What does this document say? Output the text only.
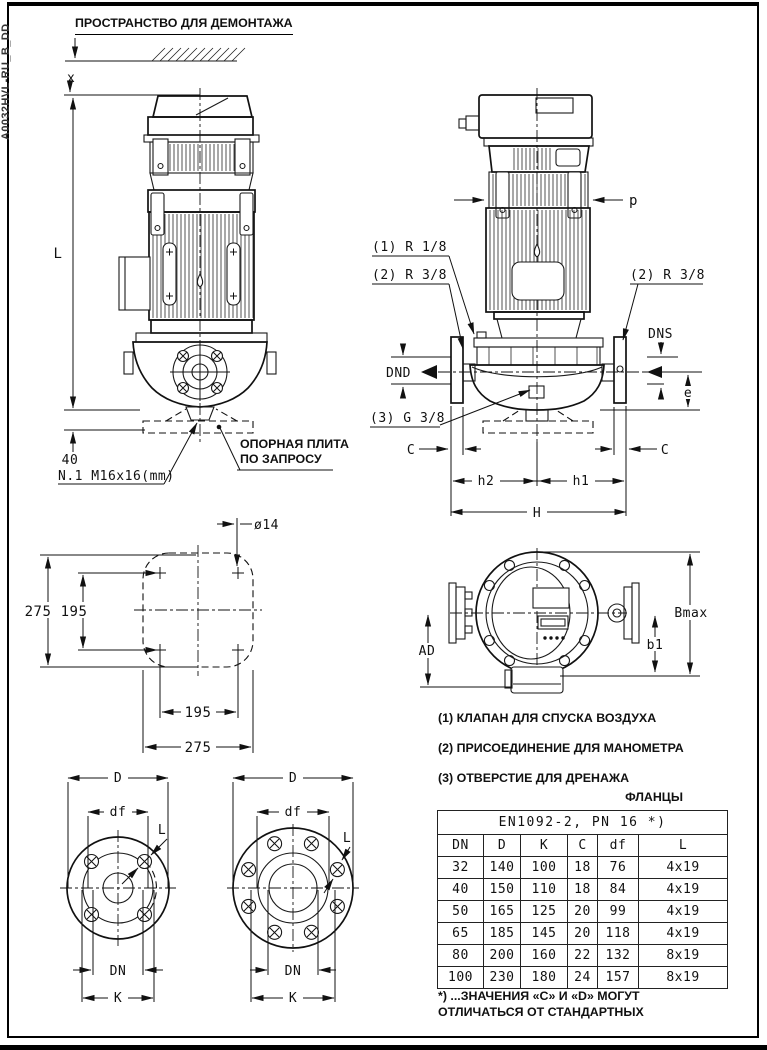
x
L
40
N.1 M16x16(mm)
p
(1) R 1/8
(2) R 3/8	(2) R 3/8
(3) G 3/8
DNS
DND
e
C	C
h2	h1
H
275 195
ø14
195
275
AD
Bmax
b1
D
df
L
DN
K
D
df
L
DN
K
ПРОСТРАНСТВО ДЛЯ ДЕМОНТАЖА
ОПОРНАЯ ПЛИТА
ПО ЗАПРОСУ
(1) КЛАПАН ДЛЯ СПУСКА ВОЗДУХА
(2) ПРИСОЕДИНЕНИЕ ДЛЯ МАНОМЕТРА
(3) ОТВЕРСТИЕ ДЛЯ ДРЕНАЖА
ФЛАНЦЫ
EN1092-2, PN 16 *)					
DN	D	K	C	df	L
32	140	100	18	76	4x19
40	150	110	18	84	4x19
50	165	125	20	99	4x19
65	185	145	20	118	4x19
80	200	160	22	132	8x19
100	230	180	24	157	8x19
*) ...ЗНАЧЕНИЯ «C» И «D» МОГУТ
ОТЛИЧАТЬСЯ ОТ СТАНДАРТНЫХ
A0032HVL-RU_B_DD
